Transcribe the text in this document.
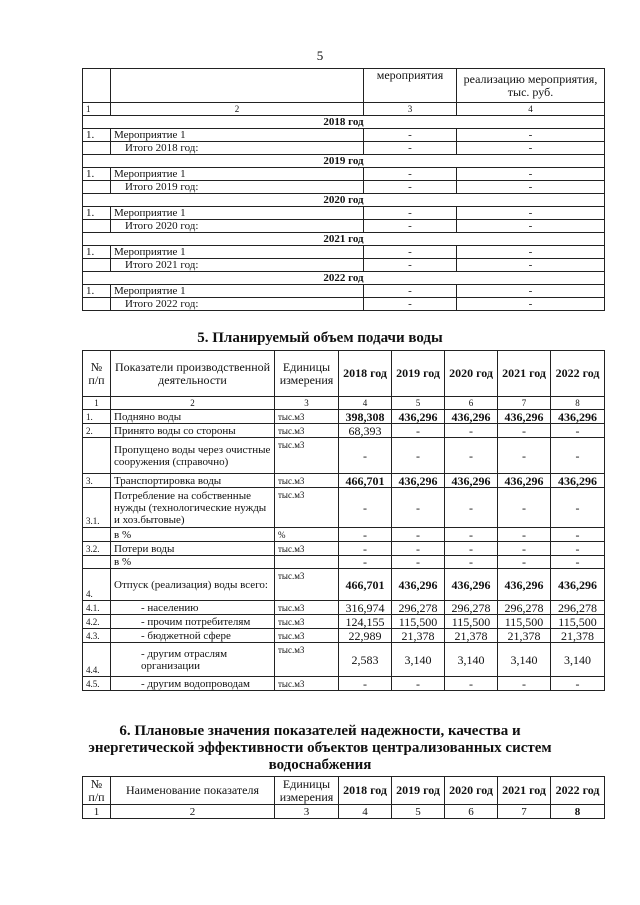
5
		мероприятия	реализацию мероприятия, тыс. руб.
1	2	3	4
2018 год			
1.	Мероприятие 1	-	-
	Итого 2018 год:	-	-
2019 год			
1.	Мероприятие 1	-	-
	Итого 2019 год:	-	-
2020 год			
1.	Мероприятие 1	-	-
	Итого 2020 год:	-	-
2021 год			
1.	Мероприятие 1	-	-
	Итого 2021 год:	-	-
2022 год			
1.	Мероприятие 1	-	-
	Итого 2022 год:	-	-
5. Планируемый объем подачи воды
№ п/п	Показатели производственной деятельности	Единицы измерения	2018 год	2019 год	2020 год	2021 год	2022 год
1	2	3	4	5	6	7	8
1.	Подняно воды	тыс.м3	398,308	436,296	436,296	436,296	436,296
2.	Принято воды со стороны	тыс.м3	68,393	-	-	-	-
	Пропущено воды через очистные сооружения (справочно)	тыс.м3	-	-	-	-	-
3.	Транспортировка воды	тыс.м3	466,701	436,296	436,296	436,296	436,296
3.1.	Потребление на собственные нужды (технологические нужды и хоз.бытовые)	тыс.м3	-	-	-	-	-
	в %	%	-	-	-	-	-
3.2.	Потери воды	тыс.м3	-	-	-	-	-
	в %		-	-	-	-	-
4.	Отпуск (реализация) воды всего:	тыс.м3	466,701	436,296	436,296	436,296	436,296
4.1.	- населению	тыс.м3	316,974	296,278	296,278	296,278	296,278
4.2.	- прочим потребителям	тыс.м3	124,155	115,500	115,500	115,500	115,500
4.3.	- бюджетной сфере	тыс.м3	22,989	21,378	21,378	21,378	21,378
4.4.	- другим отраслям организации	тыс.м3	2,583	3,140	3,140	3,140	3,140
4.5.	- другим водопроводам	тыс.м3	-	-	-	-	-
6. Плановые значения показателей надежности, качества и энергетической эффективности объектов централизованных систем водоснабжения
№ п/п	Наименование показателя	Единицы измерения	2018 год	2019 год	2020 год	2021 год	2022 год
1	2	3	4	5	6	7	8
